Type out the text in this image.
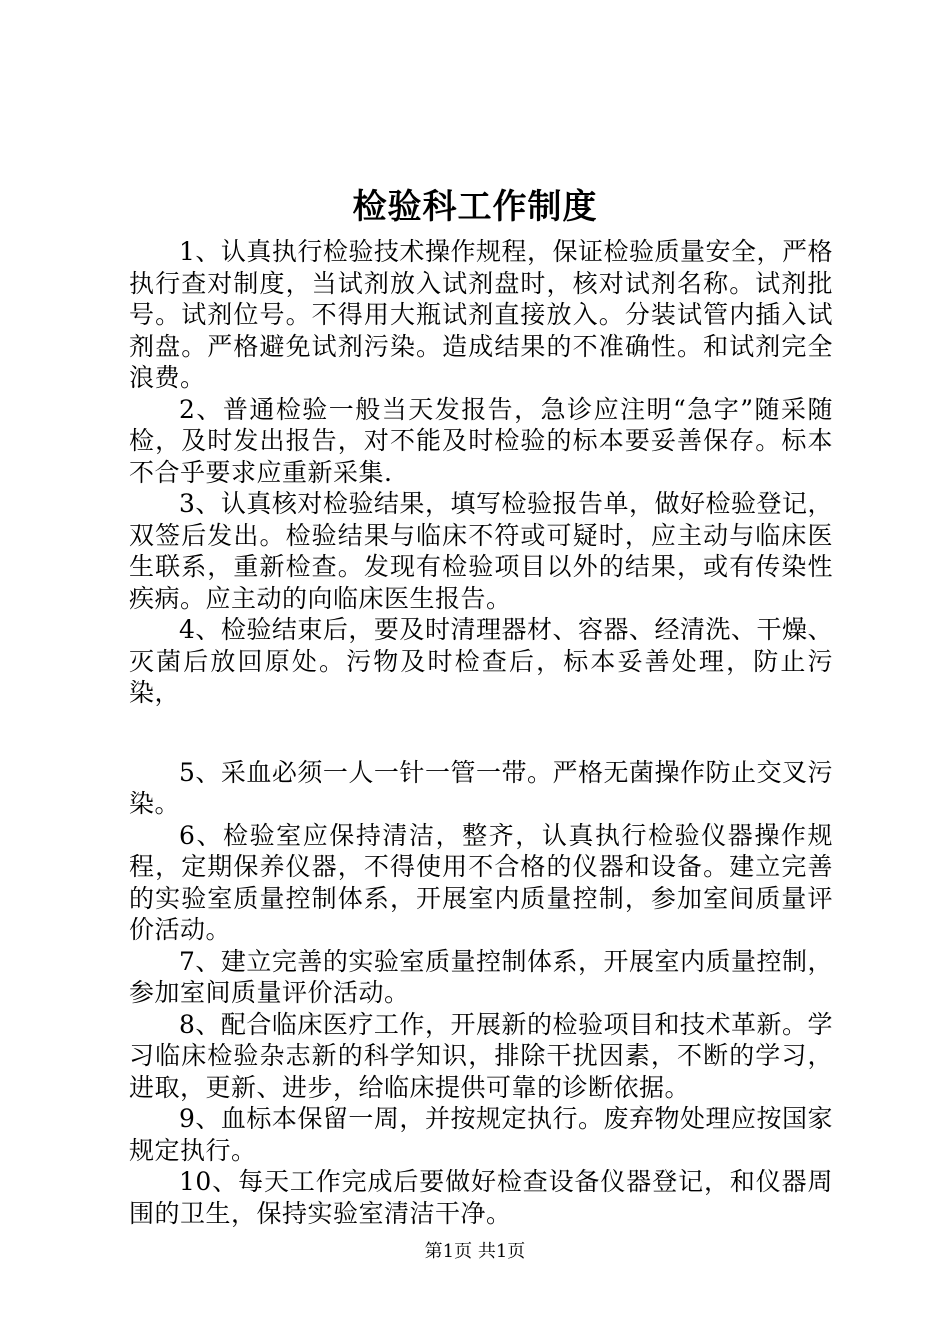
检验科工作制度

1、认真执行检验技术操作规程，保证检验质量安全，严格执行查对制度，当试剂放入试剂盘时，核对试剂名称。试剂批号。试剂位号。不得用大瓶试剂直接放入。分装试管内插入试剂盘。严格避免试剂污染。造成结果的不准确性。和试剂完全浪费。

2、普通检验一般当天发报告，急诊应注明“急字”随采随检，及时发出报告，对不能及时检验的标本要妥善保存。标本不合乎要求应重新采集.

3、认真核对检验结果，填写检验报告单，做好检验登记，双签后发出。检验结果与临床不符或可疑时，应主动与临床医生联系，重新检查。发现有检验项目以外的结果，或有传染性疾病。应主动的向临床医生报告。

4、检验结束后，要及时清理器材、容器、经清洗、干燥、灭菌后放回原处。污物及时检查后，标本妥善处理，防止污染，

5、采血必须一人一针一管一带。严格无菌操作防止交叉污染。

6、检验室应保持清洁，整齐，认真执行检验仪器操作规程，定期保养仪器，不得使用不合格的仪器和设备。建立完善的实验室质量控制体系，开展室内质量控制，参加室间质量评价活动。

7、建立完善的实验室质量控制体系，开展室内质量控制，参加室间质量评价活动。

8、配合临床医疗工作，开展新的检验项目和技术革新。学习临床检验杂志新的科学知识，排除干扰因素，不断的学习，进取，更新、进步，给临床提供可靠的诊断依据。

9、血标本保留一周，并按规定执行。废弃物处理应按国家规定执行。

10、每天工作完成后要做好检查设备仪器登记，和仪器周围的卫生，保持实验室清洁干净。

第1页 共1页
